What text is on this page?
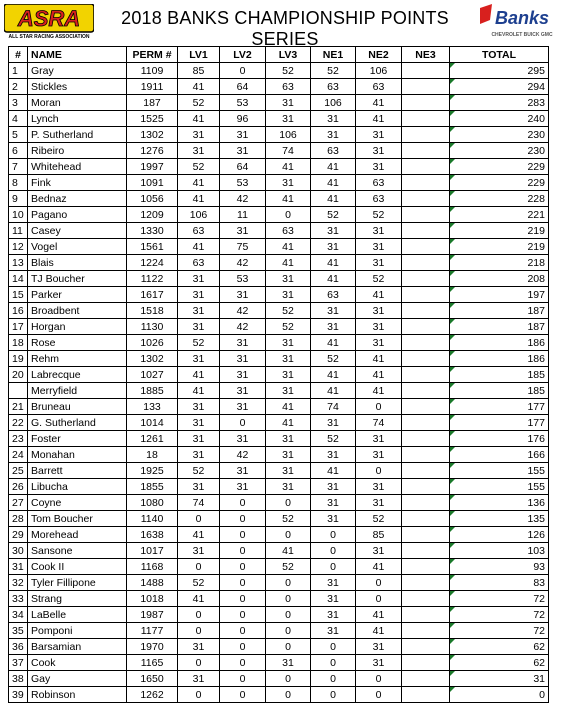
ASRA
ALL STAR RACING ASSOCIATION
2018 BANKS CHAMPIONSHIP POINTS SERIES
Banks
CHEVROLET BUICK GMC
#	NAME	PERM #	LV1	LV2	LV3	NE1	NE2	NE3	TOTAL
1	Gray	1109	85	0	52	52	106		295
2	Stickles	1911	41	64	63	63	63		294
3	Moran	187	52	53	31	106	41		283
4	Lynch	1525	41	96	31	31	41		240
5	P. Sutherland	1302	31	31	106	31	31		230
6	Ribeiro	1276	31	31	74	63	31		230
7	Whitehead	1997	52	64	41	41	31		229
8	Fink	1091	41	53	31	41	63		229
9	Bednaz	1056	41	42	41	41	63		228
10	Pagano	1209	106	11	0	52	52		221
11	Casey	1330	63	31	63	31	31		219
12	Vogel	1561	41	75	41	31	31		219
13	Blais	1224	63	42	41	41	31		218
14	TJ Boucher	1122	31	53	31	41	52		208
15	Parker	1617	31	31	31	63	41		197
16	Broadbent	1518	31	42	52	31	31		187
17	Horgan	1130	31	42	52	31	31		187
18	Rose	1026	52	31	31	41	31		186
19	Rehm	1302	31	31	31	52	41		186
20	Labrecque	1027	41	31	31	41	41		185
	Merryfield	1885	41	31	31	41	41		185
21	Bruneau	133	31	31	41	74	0		177
22	G. Sutherland	1014	31	0	41	31	74		177
23	Foster	1261	31	31	31	52	31		176
24	Monahan	18	31	42	31	31	31		166
25	Barrett	1925	52	31	31	41	0		155
26	Libucha	1855	31	31	31	31	31		155
27	Coyne	1080	74	0	0	31	31		136
28	Tom Boucher	1140	0	0	52	31	52		135
29	Morehead	1638	41	0	0	0	85		126
30	Sansone	1017	31	0	41	0	31		103
31	Cook II	1168	0	0	52	0	41		93
32	Tyler Fillipone	1488	52	0	0	31	0		83
33	Strang	1018	41	0	0	31	0		72
34	LaBelle	1987	0	0	0	31	41		72
35	Pomponi	1177	0	0	0	31	41		72
36	Barsamian	1970	31	0	0	0	31		62
37	Cook	1165	0	0	31	0	31		62
38	Gay	1650	31	0	0	0	0		31
39	Robinson	1262	0	0	0	0	0		0
